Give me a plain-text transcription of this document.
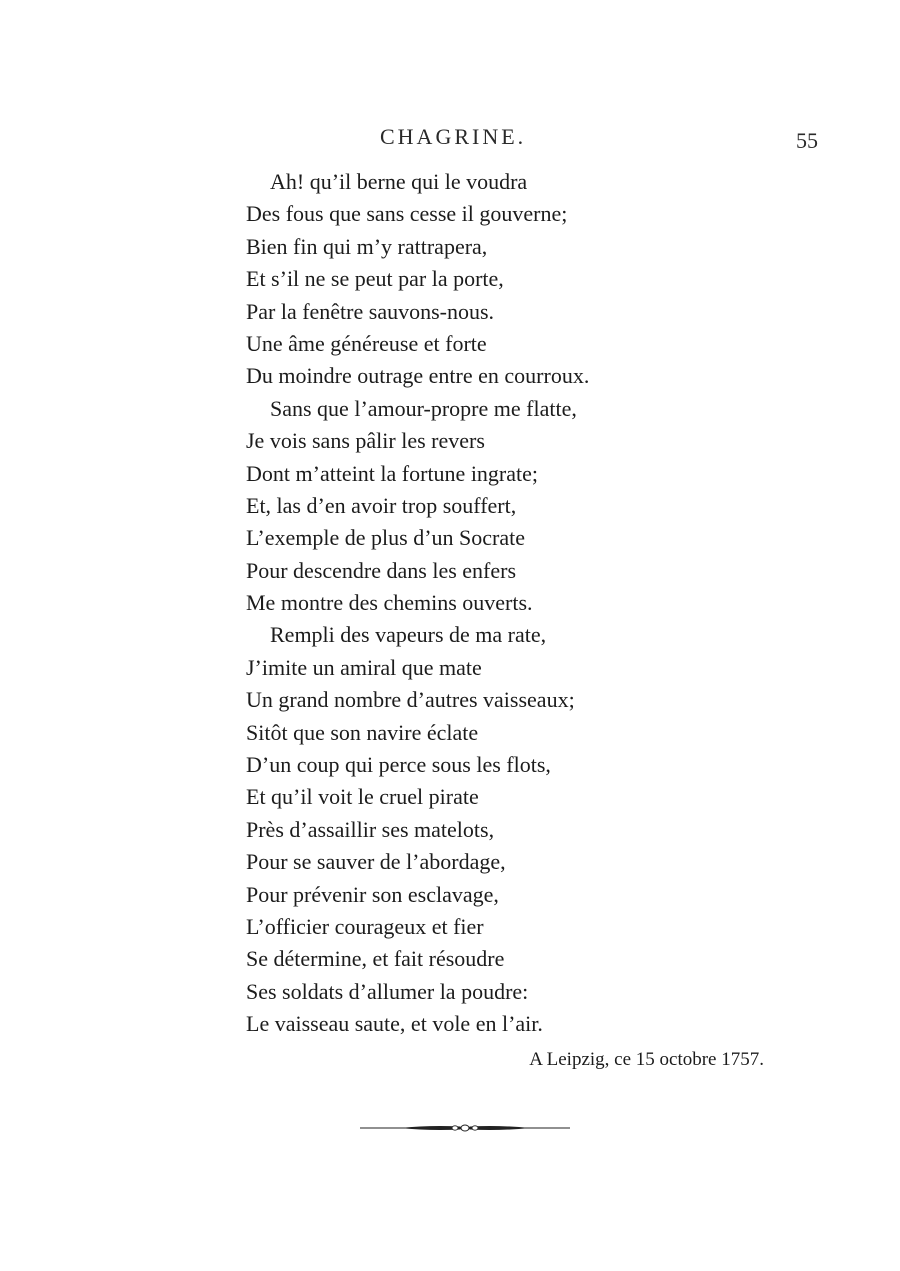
CHAGRINE.	55
Ah! qu’il berne qui le voudra
Des fous que sans cesse il gouverne;
Bien fin qui m’y rattrapera,
Et s’il ne se peut par la porte,
Par la fenêtre sauvons-nous.
Une âme généreuse et forte
Du moindre outrage entre en courroux.
Sans que l’amour-propre me flatte,
Je vois sans pâlir les revers
Dont m’atteint la fortune ingrate;
Et, las d’en avoir trop souffert,
L’exemple de plus d’un Socrate
Pour descendre dans les enfers
Me montre des chemins ouverts.
Rempli des vapeurs de ma rate,
J’imite un amiral que mate
Un grand nombre d’autres vaisseaux;
Sitôt que son navire éclate
D’un coup qui perce sous les flots,
Et qu’il voit le cruel pirate
Près d’assaillir ses matelots,
Pour se sauver de l’abordage,
Pour prévenir son esclavage,
L’officier courageux et fier
Se détermine, et fait résoudre
Ses soldats d’allumer la poudre:
Le vaisseau saute, et vole en l’air.
A Leipzig, ce 15 octobre 1757.
